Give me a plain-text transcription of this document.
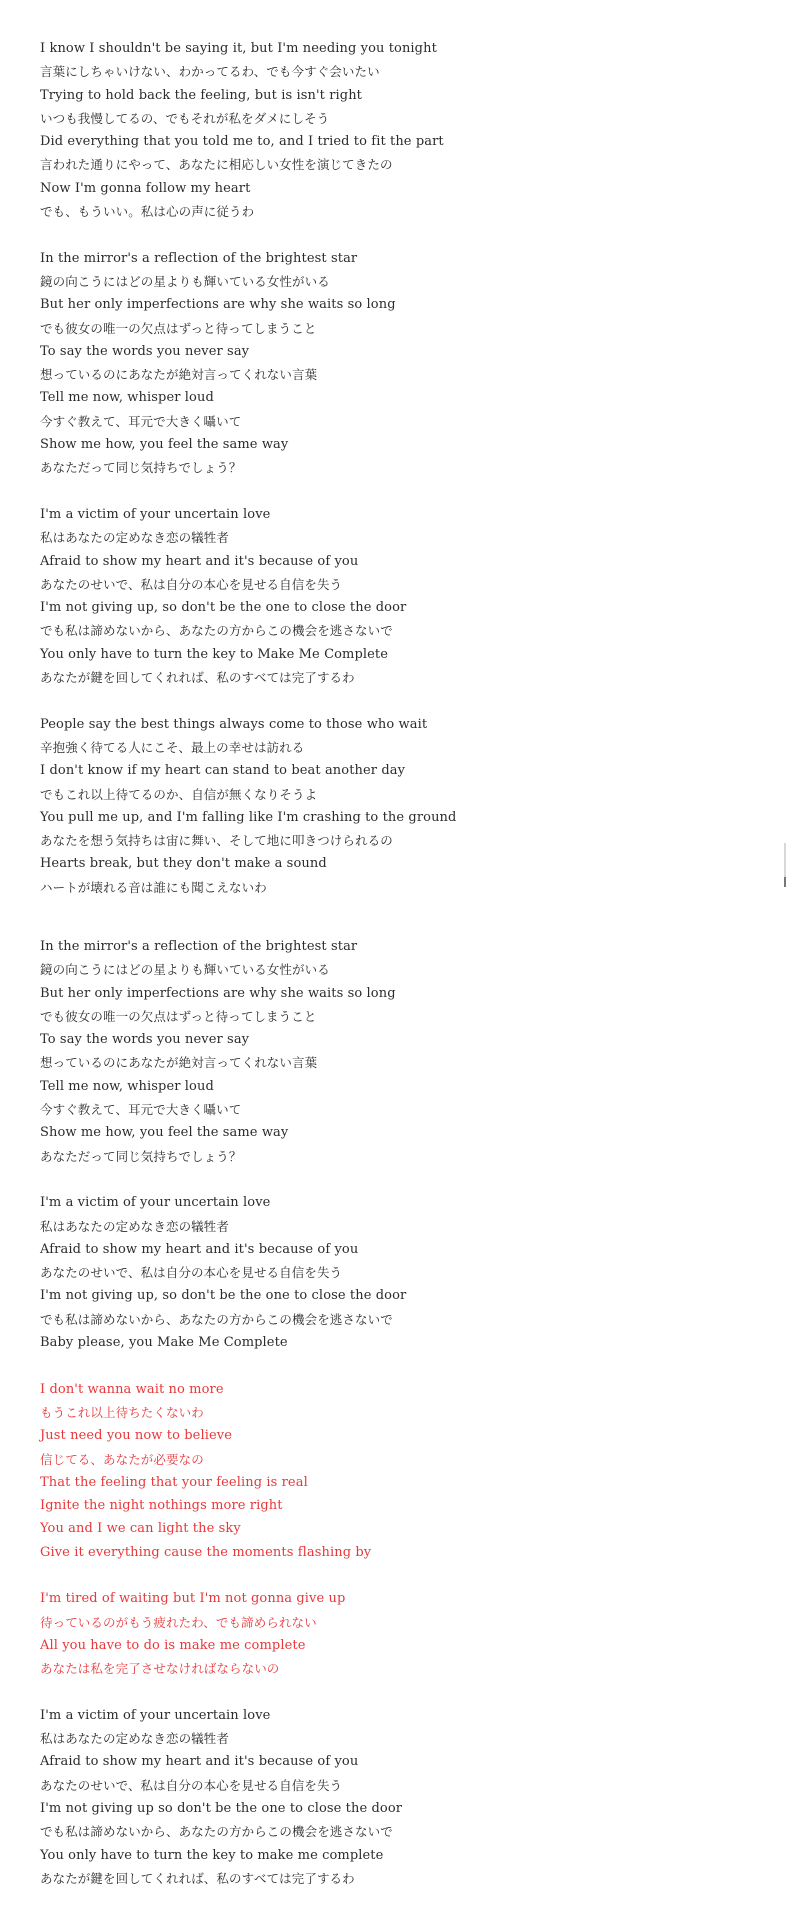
I know I shouldn't be saying it, but I'm needing you tonight
言葉にしちゃいけない、わかってるわ、でも今すぐ会いたい
Trying to hold back the feeling, but is isn't right
いつも我慢してるの、でもそれが私をダメにしそう
Did everything that you told me to, and I tried to fit the part
言われた通りにやって、あなたに相応しい女性を演じてきたの
Now I'm gonna follow my heart
でも、もういい。私は心の声に従うわ
In the mirror's a reflection of the brightest star
鏡の向こうにはどの星よりも輝いている女性がいる
But her only imperfections are why she waits so long
でも彼女の唯一の欠点はずっと待ってしまうこと
To say the words you never say
想っているのにあなたが絶対言ってくれない言葉
Tell me now, whisper loud
今すぐ教えて、耳元で大きく囁いて
Show me how, you feel the same way
あなただって同じ気持ちでしょう？
I'm a victim of your uncertain love
私はあなたの定めなき恋の犠牲者
Afraid to show my heart and it's because of you
あなたのせいで、私は自分の本心を見せる自信を失う
I'm not giving up, so don't be the one to close the door
でも私は諦めないから、あなたの方からこの機会を逃さないで
You only have to turn the key to Make Me Complete
あなたが鍵を回してくれれば、私のすべては完了するわ
People say the best things always come to those who wait
辛抱強く待てる人にこそ、最上の幸せは訪れる
I don't know if my heart can stand to beat another day
でもこれ以上待てるのか、自信が無くなりそうよ
You pull me up, and I'm falling like I'm crashing to the ground
あなたを想う気持ちは宙に舞い、そして地に叩きつけられるの
Hearts break, but they don't make a sound
ハートが壊れる音は誰にも聞こえないわ
In the mirror's a reflection of the brightest star
鏡の向こうにはどの星よりも輝いている女性がいる
But her only imperfections are why she waits so long
でも彼女の唯一の欠点はずっと待ってしまうこと
To say the words you never say
想っているのにあなたが絶対言ってくれない言葉
Tell me now, whisper loud
今すぐ教えて、耳元で大きく囁いて
Show me how, you feel the same way
あなただって同じ気持ちでしょう？
I'm a victim of your uncertain love
私はあなたの定めなき恋の犠牲者
Afraid to show my heart and it's because of you
あなたのせいで、私は自分の本心を見せる自信を失う
I'm not giving up, so don't be the one to close the door
でも私は諦めないから、あなたの方からこの機会を逃さないで
Baby please, you Make Me Complete
I don't wanna wait no more
もうこれ以上待ちたくないわ
Just need you now to believe
信じてる、あなたが必要なの
That the feeling that your feeling is real
Ignite the night nothings more right
You and I we can light the sky
Give it everything cause the moments flashing by
I'm tired of waiting but I'm not gonna give up
待っているのがもう疲れたわ、でも諦められない
All you have to do is make me complete
あなたは私を完了させなければならないの
I'm a victim of your uncertain love
私はあなたの定めなき恋の犠牲者
Afraid to show my heart and it's because of you
あなたのせいで、私は自分の本心を見せる自信を失う
I'm not giving up so don't be the one to close the door
でも私は諦めないから、あなたの方からこの機会を逃さないで
You only have to turn the key to make me complete
あなたが鍵を回してくれれば、私のすべては完了するわ
